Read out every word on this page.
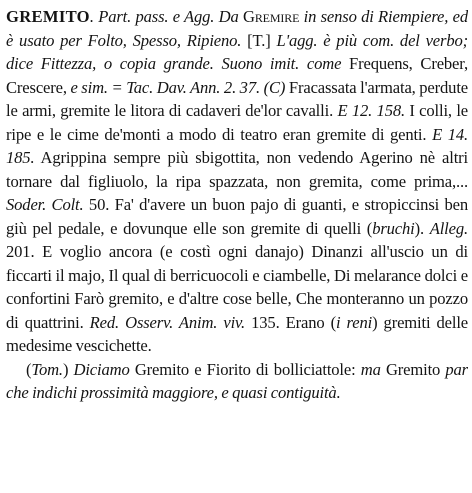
GREMITO. Part. pass. e Agg. Da Gremire in senso di Riempiere, ed è usato per Folto, Spesso, Ripieno. [T.] L'agg. è più com. del verbo; dice Fittezza, o copia grande. Suono imit. come Frequens, Creber, Crescere, e sim. = Tac. Dav. Ann. 2. 37. (C) Fracassata l'armata, perdute le armi, gremite le litora di cadaveri de'lor cavalli. E 12. 158. I colli, le ripe e le cime de'monti a modo di teatro eran gremite di genti. E 14. 185. Agrippina sempre più sbigottita, non vedendo Agerino nè altri tornare dal figliuolo, la ripa spazzata, non gremita, come prima,... Soder. Colt. 50. Fa' d'avere un buon pajo di guanti, e stropiccinsi ben giù pel pedale, e dovunque elle son gremite di quelli (bruchi). Alleg. 201. E voglio ancora (e costì ogni danajo) Dinanzi all'uscio un di ficcarti il majo, Il qual di berricuocoli e ciambelle, Di melarance dolci e confortini Farò gremito, e d'altre cose belle, Che monteranno un pozzo di quattrini. Red. Osserv. Anim. viv. 135. Erano (i reni) gremiti delle medesime vescichette.

(Tom.) Diciamo Gremito e Fiorito di bolliciattole: ma Gremito par che indichi prossimità maggiore, e quasi contiguità.
